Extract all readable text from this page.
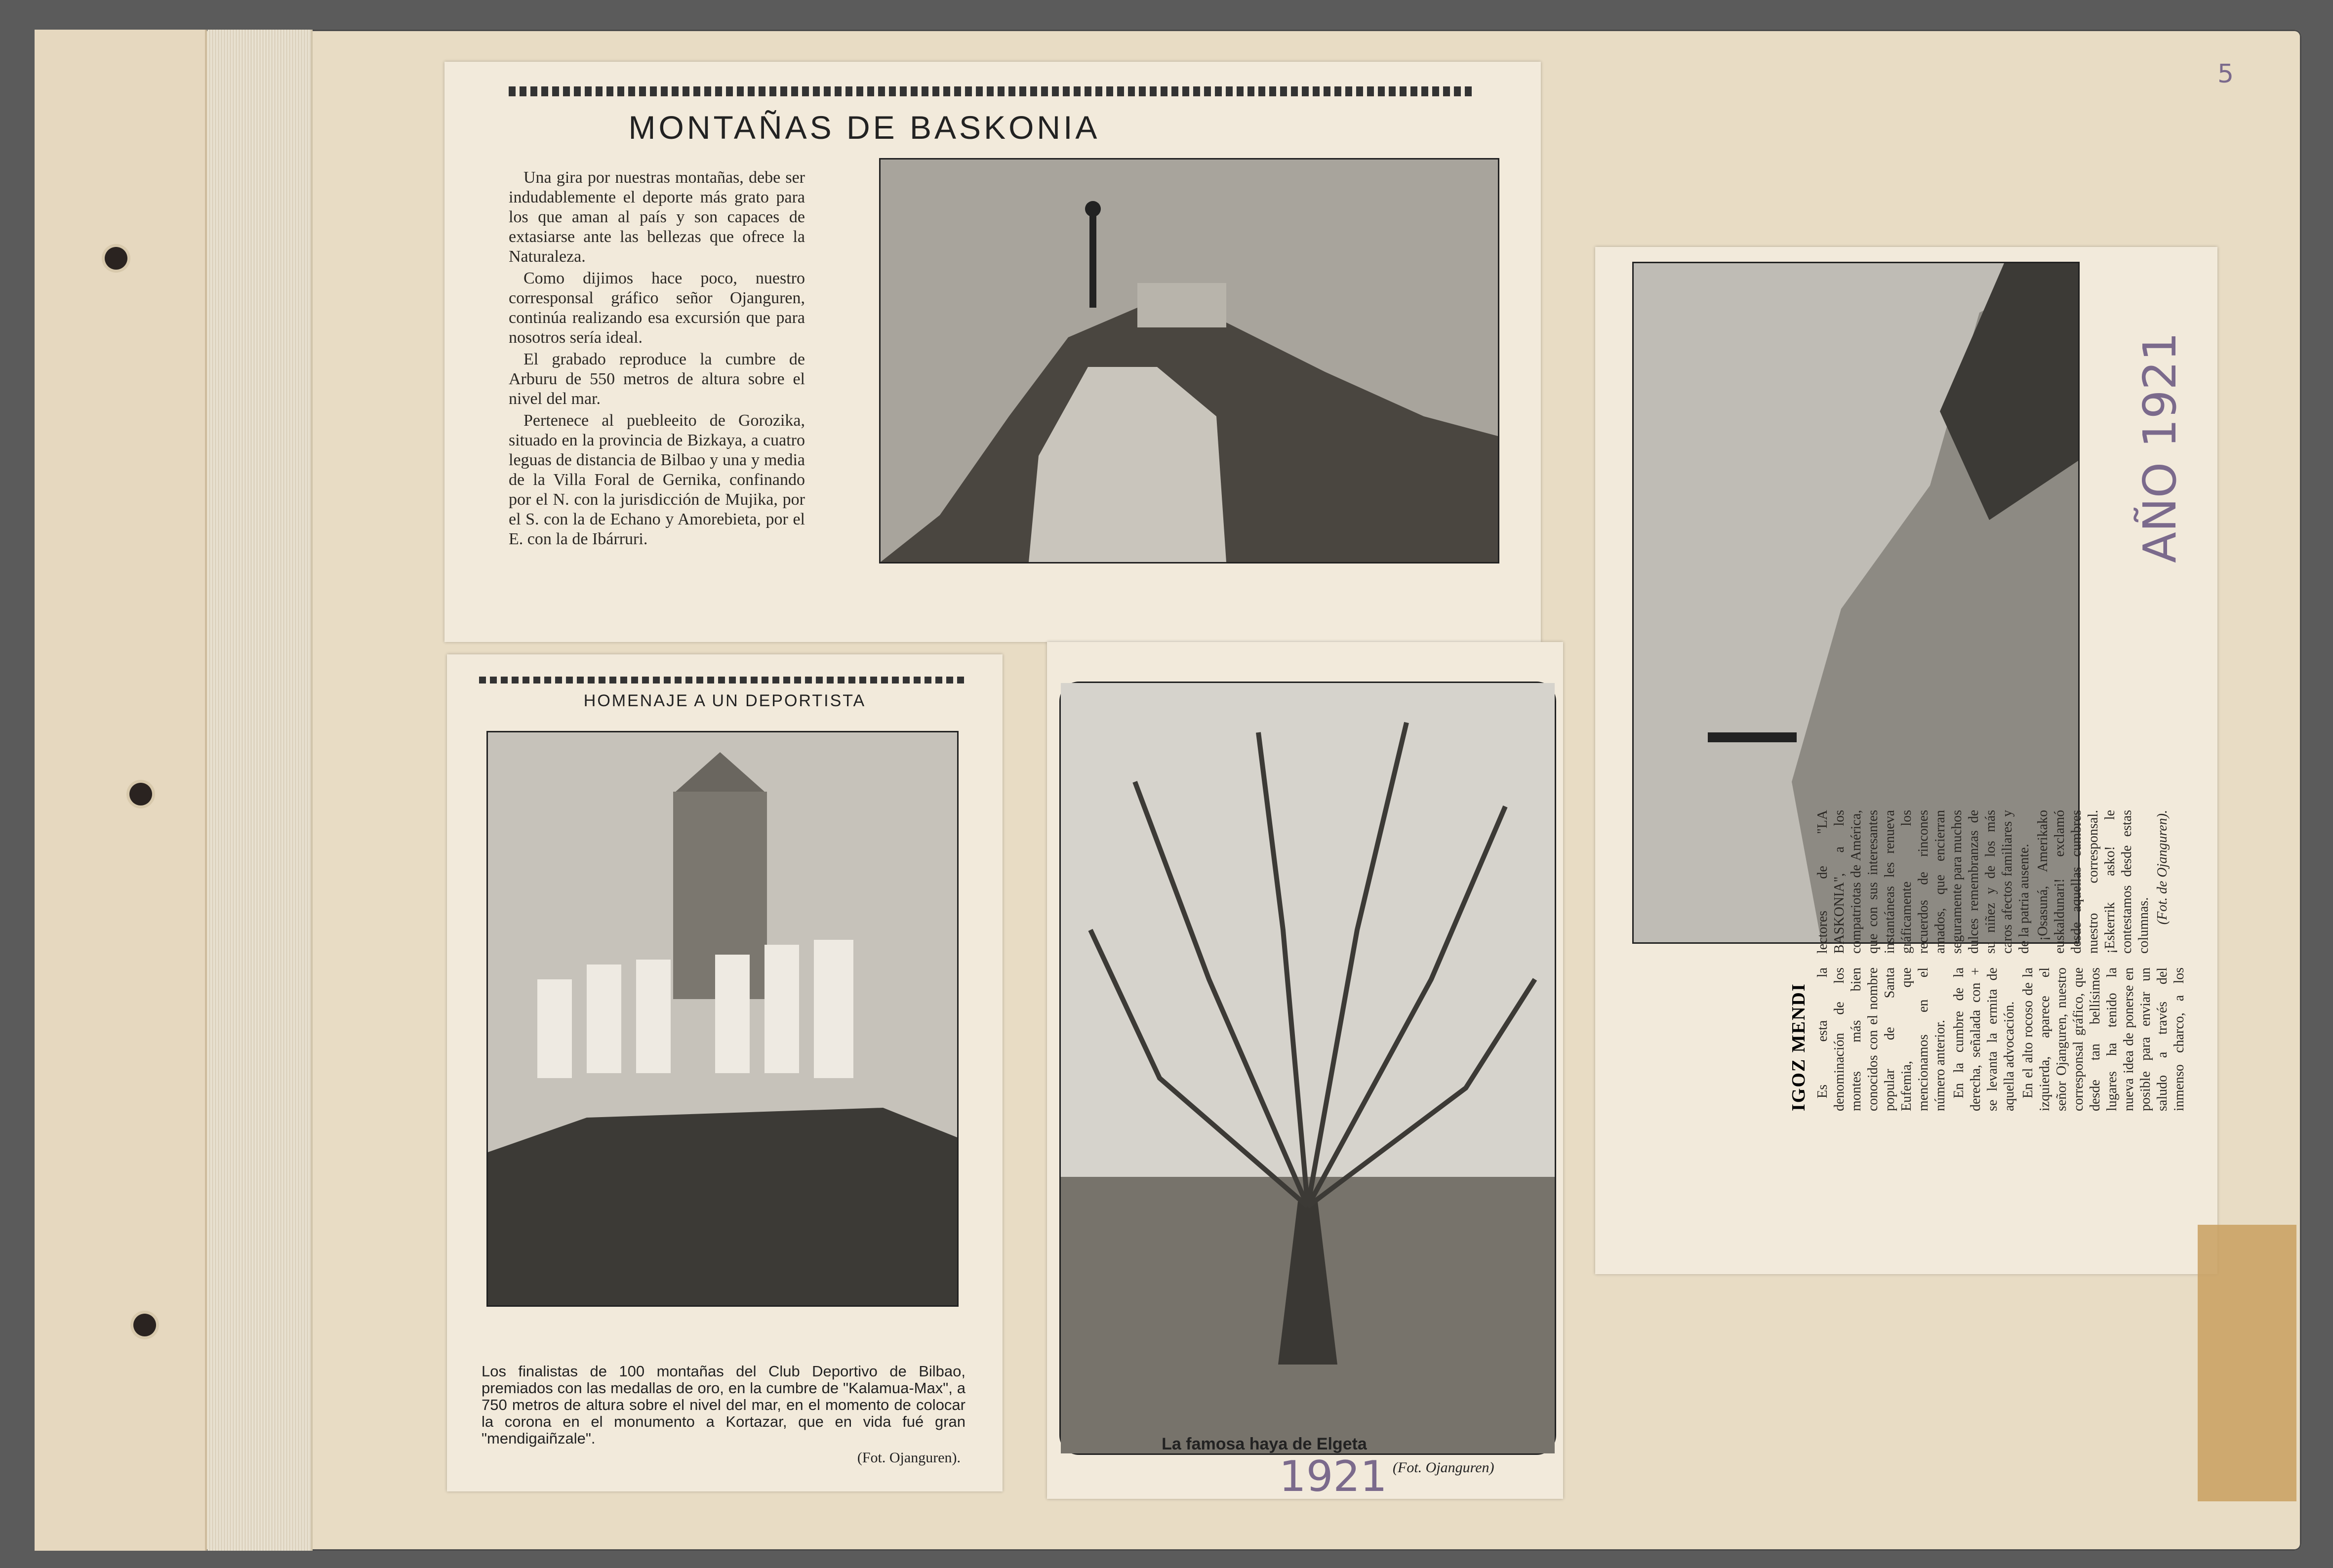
5
MONTAÑAS DE BASKONIA

Una gira por nuestras montañas, debe ser indudablemente el deporte más grato para los que aman al país y son capaces de extasiarse ante las bellezas que ofrece la Naturaleza.

Como dijimos hace poco, nuestro corresponsal gráfico señor Ojanguren, continúa realizando esa excursión que para nosotros sería ideal.

El grabado reproduce la cumbre de Arburu de 550 metros de altura sobre el nivel del mar.

Pertenece al puebleeito de Gorozika, situado en la provincia de Bizkaya, a cuatro leguas de distancia de Bilbao y una y media de la Villa Foral de Gernika, confinando por el N. con la jurisdicción de Mujika, por el S. con la de Echano y Amorebieta, por el E. con la de Ibárruri.

HOMENAJE A UN DEPORTISTA
Los finalistas de 100 montañas del Club Deportivo de Bilbao, premiados con las medallas de oro, en la cumbre de "Kalamua-Max", a 750 metros de altura sobre el nivel del mar, en el momento de colocar la corona en el monumento a Kortazar, que en vida fué gran "mendigaiñzale".
(Fot. Ojanguren).
La famosa haya de Elgeta
(Fot. Ojanguren)
1921
IGOZ MENDI Es esta la denominación de los montes más bien conocidos con el nombre popular de Santa Eufemia, que mencionamos en el número anterior. En la cumbre de la derecha, señalada con + se levanta la ermita de aquella advocación. En el alto rocoso de la izquierda, aparece el señor Ojanguren, nuestro corresponsal gráfico, que desde tan bellísimos lugares ha tenido la nueva idea de ponerse en posible para enviar un saludo a través del inmenso charco, a los lectores de "LA BASKONIA", a los compatriotas de América, que con sus interesantes instantáneas les renueva gráficamente los recuerdos de rincones amados, que encierran seguramente para muchos dulces remembranzas de su niñez y de los más caros afectos familiares y de la patria ausente. ¡Osasuná, Amerikako euskaldunari! exclamó desde aquellas cumbres nuestro corresponsal. ¡Eskerrik asko! le contestamos desde estas columnas.

(Fot. de Ojanguren).

AÑO 1921
